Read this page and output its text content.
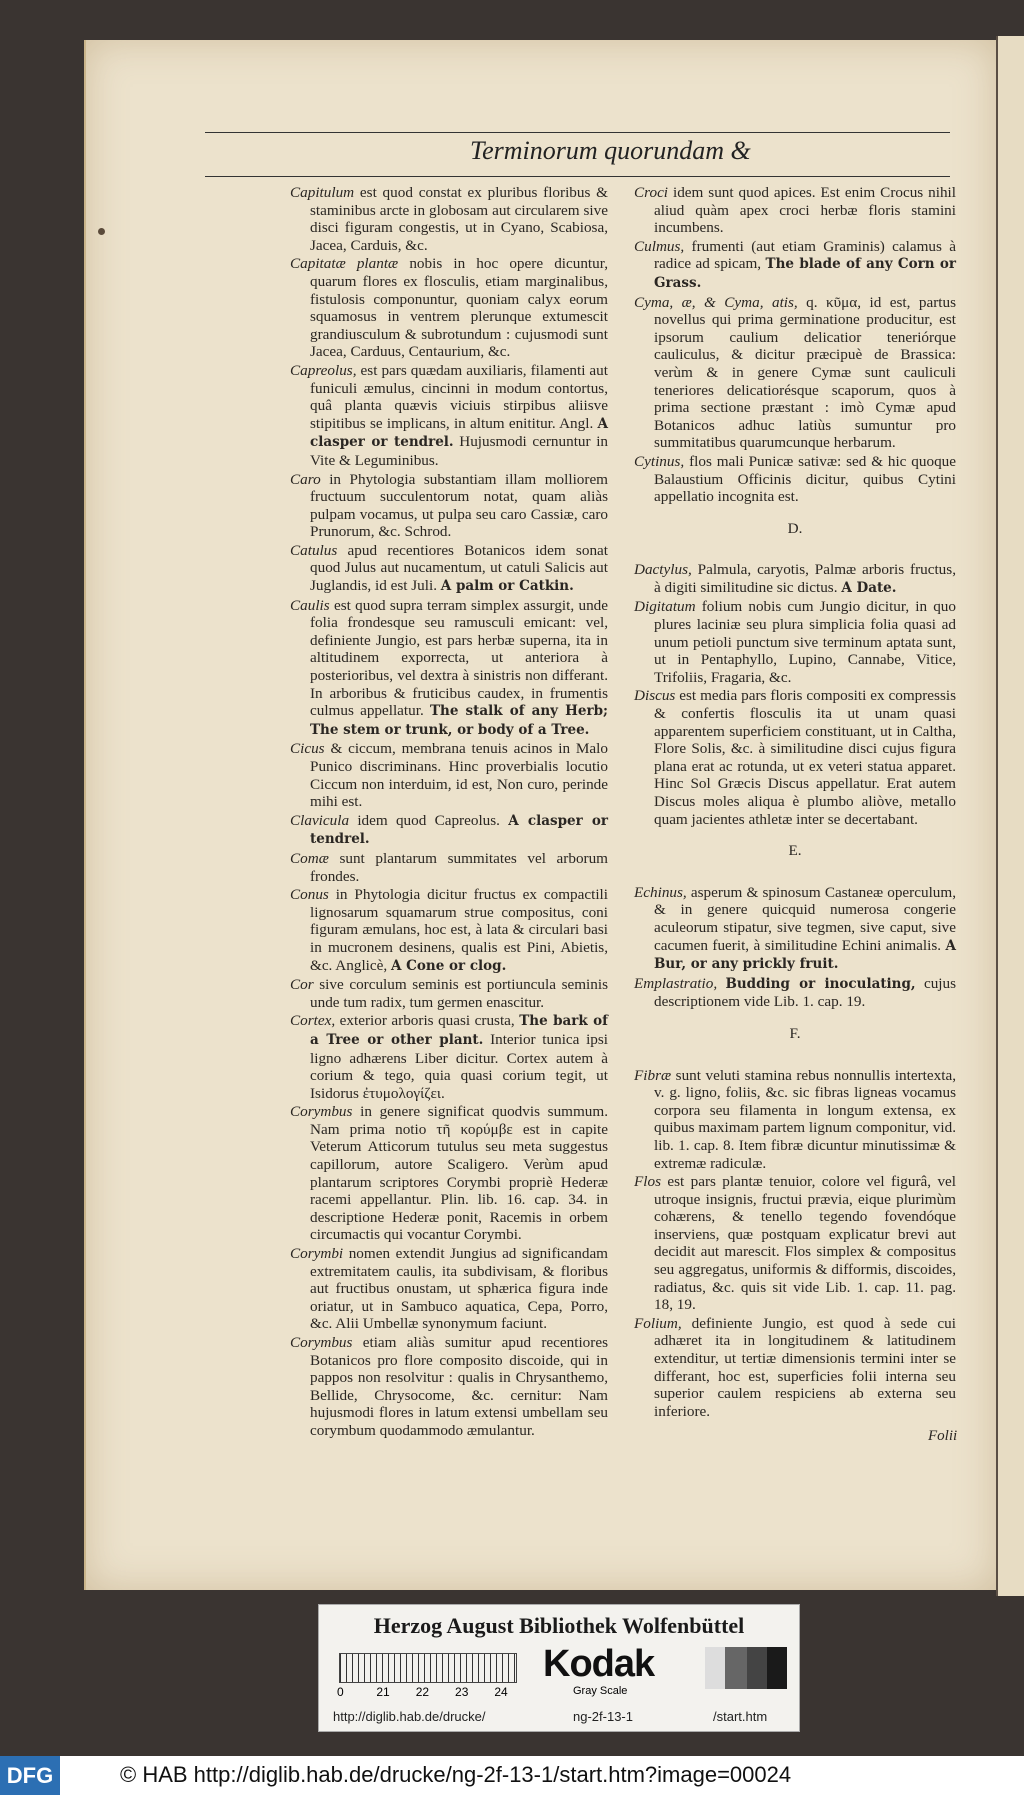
Terminorum quorundam &
Capitulum est quod constat ex pluribus floribus & staminibus arcte in globosam aut circularem sive disci figuram congestis, ut in Cyano, Scabiosa, Jacea, Carduis, &c.
Capitatæ plantæ nobis in hoc opere dicuntur, quarum flores ex flosculis, etiam marginalibus, fistulosis componuntur, quoniam calyx eorum squamosus in ventrem plerunque extumescit grandiusculum & subrotundum : cujusmodi sunt Jacea, Carduus, Centaurium, &c.
Capreolus, est pars quædam auxiliaris, filamenti aut funiculi æmulus, cincinni in modum contortus, quâ planta quævis viciuis stirpibus aliisve stipitibus se implicans, in altum enititur. Angl. A clasper or tendrel. Hujusmodi cernuntur in Vite & Leguminibus.
Caro in Phytologia substantiam illam molliorem fructuum succulentorum notat, quam aliàs pulpam vocamus, ut pulpa seu caro Cassiæ, caro Prunorum, &c. Schrod.
Catulus apud recentiores Botanicos idem sonat quod Julus aut nucamentum, ut catuli Salicis aut Juglandis, id est Juli. A palm or Catkin.
Caulis est quod supra terram simplex assurgit, unde folia frondesque seu ramusculi emicant: vel, definiente Jungio, est pars herbæ superna, ita in altitudinem exporrecta, ut anteriora à posterioribus, vel dextra à sinistris non differant. In arboribus & fruticibus caudex, in frumentis culmus appellatur. The stalk of any Herb; The stem or trunk, or body of a Tree.
Cicus & ciccum, membrana tenuis acinos in Malo Punico discriminans. Hinc proverbialis locutio Ciccum non interduim, id est, Non curo, perinde mihi est.
Clavicula idem quod Capreolus. A clasper or tendrel.
Comæ sunt plantarum summitates vel arborum frondes.
Conus in Phytologia dicitur fructus ex compactili lignosarum squamarum strue compositus, coni figuram æmulans, hoc est, à lata & circulari basi in mucronem desinens, qualis est Pini, Abietis, &c. Anglicè, A Cone or clog.
Cor sive corculum seminis est portiuncula seminis unde tum radix, tum germen enascitur.
Cortex, exterior arboris quasi crusta, The bark of a Tree or other plant. Interior tunica ipsi ligno adhærens Liber dicitur. Cortex autem à corium & tego, quia quasi corium tegit, ut Isidorus ἐτυμολογίζει.
Corymbus in genere significat quodvis summum. Nam prima notio τῆ κορύμβε est in capite Veterum Atticorum tutulus seu meta suggestus capillorum, autore Scaligero. Verùm apud plantarum scriptores Corymbi propriè Hederæ racemi appellantur. Plin. lib. 16. cap. 34. in descriptione Hederæ ponit, Racemis in orbem circumactis qui vocantur Corymbi.
Corymbi nomen extendit Jungius ad significandam extremitatem caulis, ita subdivisam, & floribus aut fructibus onustam, ut sphærica figura inde oriatur, ut in Sambuco aquatica, Cepa, Porro, &c. Alii Umbellæ synonymum faciunt.
Corymbus etiam aliàs sumitur apud recentiores Botanicos pro flore composito discoide, qui in pappos non resolvitur : qualis in Chrysanthemo, Bellide, Chrysocome, &c. cernitur: Nam hujusmodi flores in latum extensi umbellam seu corymbum quodammodo æmulantur.
Croci idem sunt quod apices. Est enim Crocus nihil aliud quàm apex croci herbæ floris stamini incumbens.
Culmus, frumenti (aut etiam Graminis) calamus à radice ad spicam, The blade of any Corn or Grass.
Cyma, æ, & Cyma, atis, q. κῦμα, id est, partus novellus qui prima germinatione producitur, est ipsorum caulium delicatior teneriórque cauliculus, & dicitur præcipuè de Brassica: verùm & in genere Cymæ sunt cauliculi teneriores delicatiorésque scaporum, quos à prima sectione præstant : imò Cymæ apud Botanicos adhuc latiùs sumuntur pro summitatibus quarumcunque herbarum.
Cytinus, flos mali Punicæ sativæ: sed & hic quoque Balaustium Officinis dicitur, quibus Cytini appellatio incognita est.
D.
Dactylus, Palmula, caryotis, Palmæ arboris fructus, à digiti similitudine sic dictus. A Date.
Digitatum folium nobis cum Jungio dicitur, in quo plures laciniæ seu plura simplicia folia quasi ad unum petioli punctum sive terminum aptata sunt, ut in Pentaphyllo, Lupino, Cannabe, Vitice, Trifoliis, Fragaria, &c.
Discus est media pars floris compositi ex compressis & confertis flosculis ita ut unam quasi apparentem superficiem constituant, ut in Caltha, Flore Solis, &c. à similitudine disci cujus figura plana erat ac rotunda, ut ex veteri statua apparet. Hinc Sol Græcis Discus appellatur. Erat autem Discus moles aliqua è plumbo aliòve, metallo quam jacientes athletæ inter se decertabant.
E.
Echinus, asperum & spinosum Castaneæ operculum, & in genere quicquid numerosa congerie aculeorum stipatur, sive tegmen, sive caput, sive cacumen fuerit, à similitudine Echini animalis. A Bur, or any prickly fruit.
Emplastratio, Budding or inoculating, cujus descriptionem vide Lib. 1. cap. 19.
F.
Fibræ sunt veluti stamina rebus nonnullis intertexta, v. g. ligno, foliis, &c. sic fibras ligneas vocamus corpora seu filamenta in longum extensa, ex quibus maximam partem lignum componitur, vid. lib. 1. cap. 8. Item fibræ dicuntur minutissimæ & extremæ radiculæ.
Flos est pars plantæ tenuior, colore vel figurâ, vel utroque insignis, fructui prævia, eique plurimùm cohærens, & tenello tegendo fovendóque inserviens, quæ postquam explicatur brevi aut decidit aut marescit. Flos simplex & compositus seu aggregatus, uniformis & difformis, discoides, radiatus, &c. quis sit vide Lib. 1. cap. 11. pag. 18, 19.
Folium, definiente Jungio, est quod à sede cui adhæret ita in longitudinem & latitudinem extenditur, ut tertiæ dimensionis termini inter se differant, hoc est, superficies folii interna seu superior caulem respiciens ab externa seu inferiore.
Folii
Herzog August Bibliothek Wolfenbüttel
0	21 22 23 24
Kodak
Gray Scale
http://diglib.hab.de/drucke/	ng-2f-13-1	/start.htm
DFG	© HAB http://diglib.hab.de/drucke/ng-2f-13-1/start.htm?image=00024
